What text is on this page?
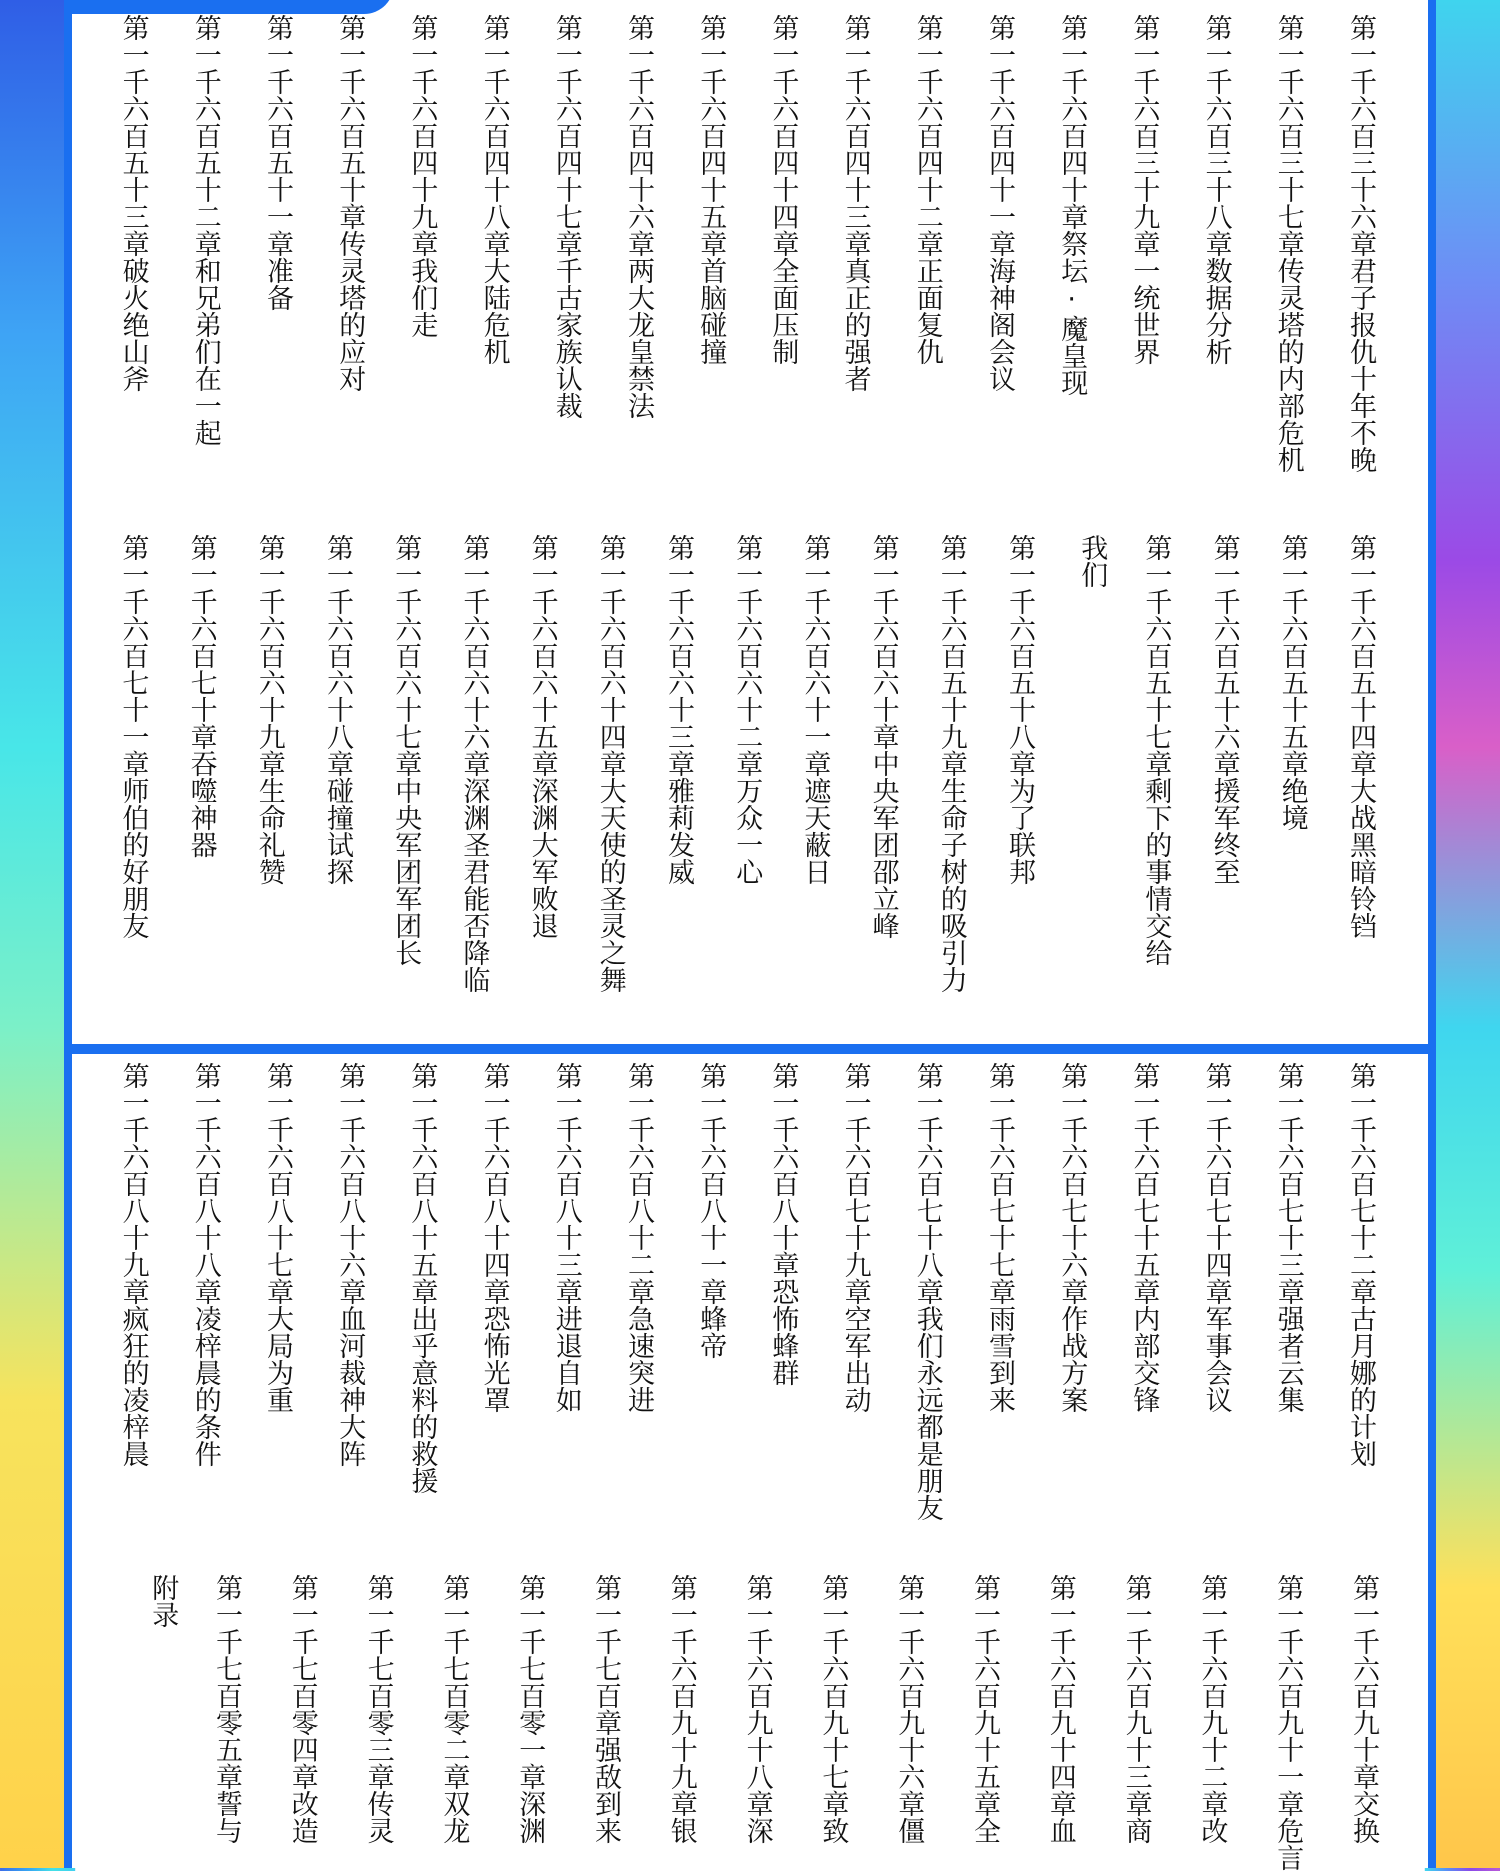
第一千六百三十六章君子报仇十年不晚
第一千六百三十七章传灵塔的内部危机
第一千六百三十八章数据分析
第一千六百三十九章一统世界
第一千六百四十章祭坛·魔皇现
第一千六百四十一章海神阁会议
第一千六百四十二章正面复仇
第一千六百四十三章真正的强者
第一千六百四十四章全面压制
第一千六百四十五章首脑碰撞
第一千六百四十六章两大龙皇禁法
第一千六百四十七章千古家族认裁
第一千六百四十八章大陆危机
第一千六百四十九章我们走
第一千六百五十章传灵塔的应对
第一千六百五十一章准备
第一千六百五十二章和兄弟们在一起
第一千六百五十三章破火绝山斧
第一千六百五十四章大战黑暗铃铛
第一千六百五十五章绝境
第一千六百五十六章援军终至
第一千六百五十七章剩下的事情交给
我们
第一千六百五十八章为了联邦
第一千六百五十九章生命子树的吸引力
第一千六百六十章中央军团邵立峰
第一千六百六十一章遮天蔽日
第一千六百六十二章万众一心
第一千六百六十三章雅莉发威
第一千六百六十四章大天使的圣灵之舞
第一千六百六十五章深渊大军败退
第一千六百六十六章深渊圣君能否降临
第一千六百六十七章中央军团军团长
第一千六百六十八章碰撞试探
第一千六百六十九章生命礼赞
第一千六百七十章吞噬神器
第一千六百七十一章师伯的好朋友
第一千六百七十二章古月娜的计划
第一千六百七十三章强者云集
第一千六百七十四章军事会议
第一千六百七十五章内部交锋
第一千六百七十六章作战方案
第一千六百七十七章雨雪到来
第一千六百七十八章我们永远都是朋友
第一千六百七十九章空军出动
第一千六百八十章恐怖蜂群
第一千六百八十一章蜂帝
第一千六百八十二章急速突进
第一千六百八十三章进退自如
第一千六百八十四章恐怖光罩
第一千六百八十五章出乎意料的救援
第一千六百八十六章血河裁神大阵
第一千六百八十七章大局为重
第一千六百八十八章凌梓晨的条件
第一千六百八十九章疯狂的凌梓晨
第一千六百九十章交换
第一千六百九十一章危言
第一千六百九十二章改
第一千六百九十三章商
第一千六百九十四章血
第一千六百九十五章全
第一千六百九十六章僵
第一千六百九十七章致
第一千六百九十八章深
第一千六百九十九章银
第一千七百章强敌到来
第一千七百零一章深渊
第一千七百零二章双龙
第一千七百零三章传灵
第一千七百零四章改造
第一千七百零五章誓与
附录
